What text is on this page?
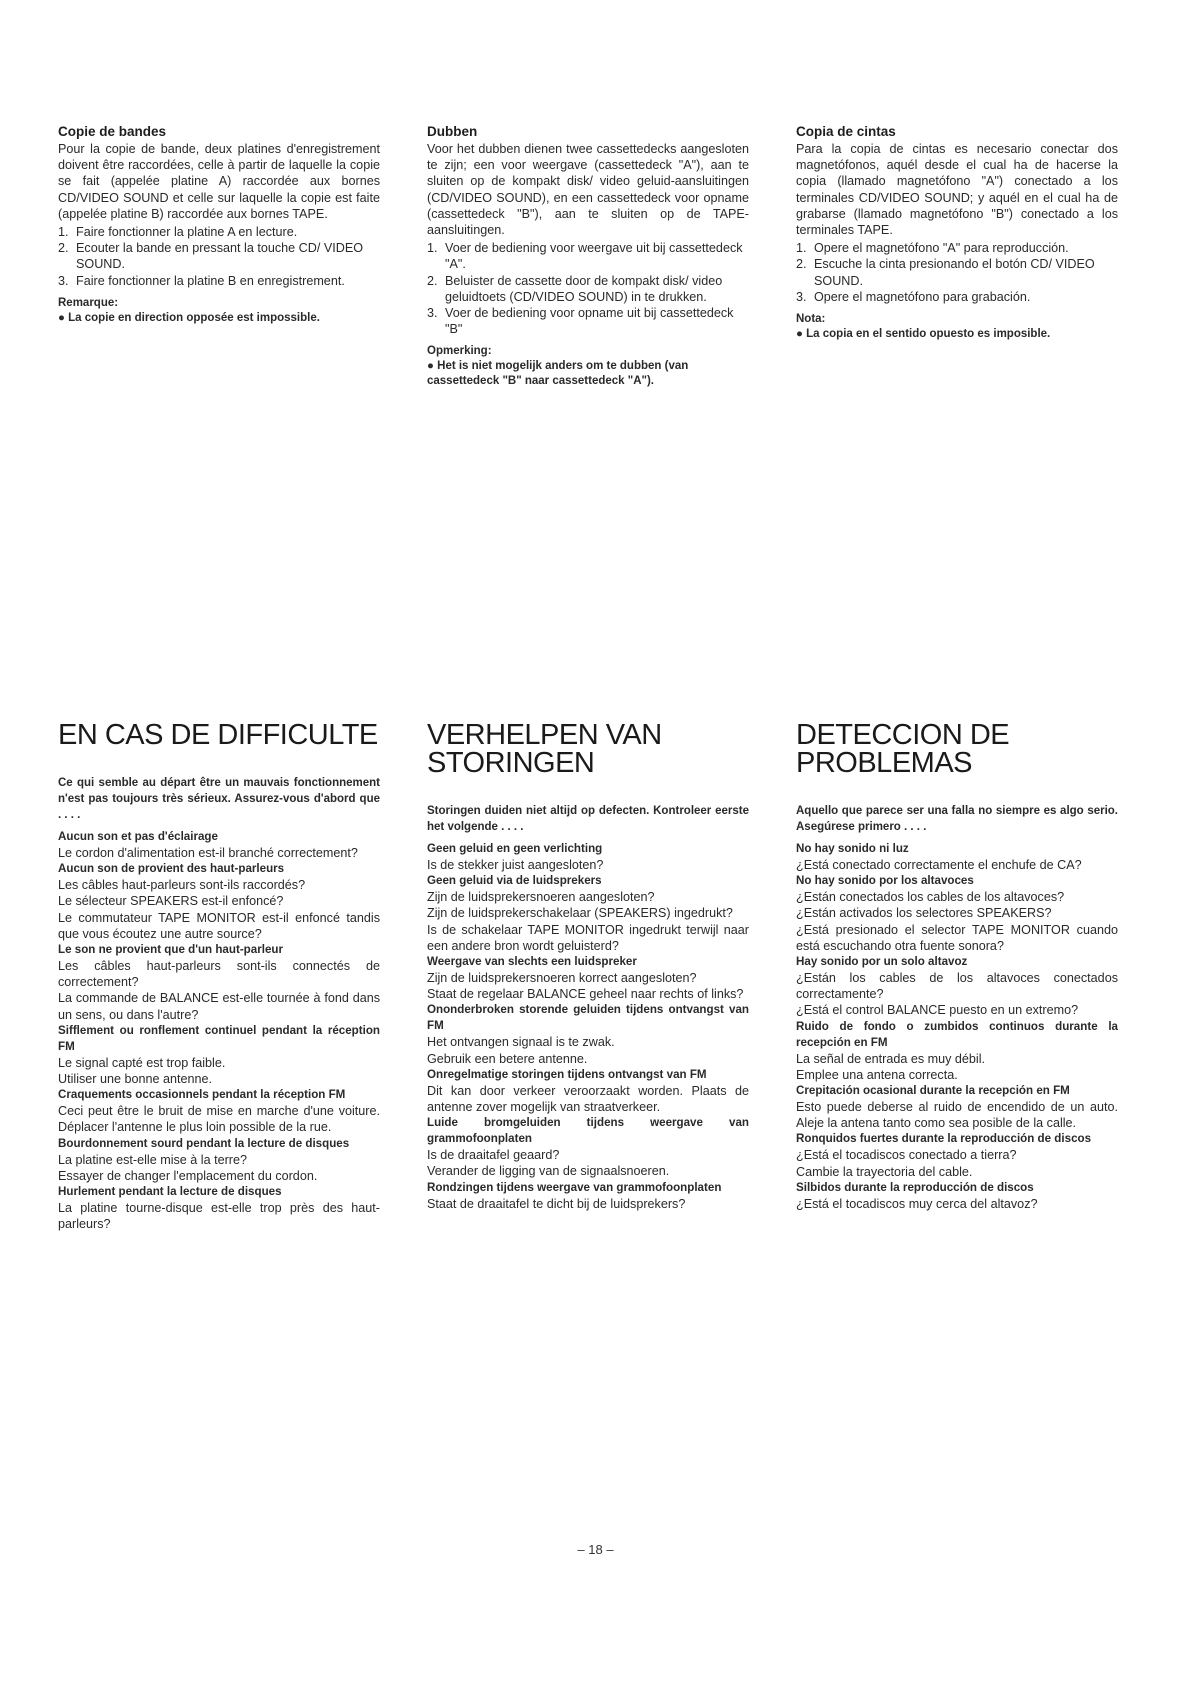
Copie de bandes

Pour la copie de bande, deux platines d'enregistrement doivent être raccordées, celle à partir de laquelle la copie se fait (appelée platine A) raccordée aux bornes CD/VIDEO SOUND et celle sur laquelle la copie est faite (appelée platine B) raccordée aux bornes TAPE.

1. Faire fonctionner la platine A en lecture.
2. Ecouter la bande en pressant la touche CD/ VIDEO SOUND.
3. Faire fonctionner la platine B en enregistrement.

Remarque:

● La copie en direction opposée est impossible.

Dubben

Voor het dubben dienen twee cassettedecks aangesloten te zijn; een voor weergave (cassettedeck "A"), aan te sluiten op de kompakt disk/ video geluid-aansluitingen (CD/VIDEO SOUND), en een cassettedeck voor opname (cassettedeck "B"), aan te sluiten op de TAPE-aansluitingen.

1. Voer de bediening voor weergave uit bij cassettedeck "A".
2. Beluister de cassette door de kompakt disk/ video geluidtoets (CD/VIDEO SOUND) in te drukken.
3. Voer de bediening voor opname uit bij cassettedeck "B"

Opmerking:

● Het is niet mogelijk anders om te dubben (van cassettedeck "B" naar cassettedeck "A").

Copia de cintas

Para la copia de cintas es necesario conectar dos magnetófonos, aquél desde el cual ha de hacerse la copia (llamado magnetófono "A") conectado a los terminales CD/VIDEO SOUND; y aquél en el cual ha de grabarse (llamado magnetófono "B") conectado a los terminales TAPE.

1. Opere el magnetófono "A" para reproducción.
2. Escuche la cinta presionando el botón CD/ VIDEO SOUND.
3. Opere el magnetófono para grabación.

Nota:

● La copia en el sentido opuesto es imposible.

EN CAS DE DIFFICULTE

Ce qui semble au départ être un mauvais fonctionnement n'est pas toujours très sérieux. Assurez-vous d'abord que . . . .

Aucun son et pas d'éclairage

Le cordon d'alimentation est-il branché correctement?

Aucun son de provient des haut-parleurs

Les câbles haut-parleurs sont-ils raccordés?

Le sélecteur SPEAKERS est-il enfoncé?

Le commutateur TAPE MONITOR est-il enfoncé tandis que vous écoutez une autre source?

Le son ne provient que d'un haut-parleur

Les câbles haut-parleurs sont-ils connectés de correctement?

La commande de BALANCE est-elle tournée à fond dans un sens, ou dans l'autre?

Sifflement ou ronflement continuel pendant la réception FM

Le signal capté est trop faible.

Utiliser une bonne antenne.

Craquements occasionnels pendant la réception FM

Ceci peut être le bruit de mise en marche d'une voiture. Déplacer l'antenne le plus loin possible de la rue.

Bourdonnement sourd pendant la lecture de disques

La platine est-elle mise à la terre?

Essayer de changer l'emplacement du cordon.

Hurlement pendant la lecture de disques

La platine tourne-disque est-elle trop près des haut-parleurs?

VERHELPEN VAN STORINGEN

Storingen duiden niet altijd op defecten. Kontroleer eerste het volgende . . . .

Geen geluid en geen verlichting

Is de stekker juist aangesloten?

Geen geluid via de luidsprekers

Zijn de luidsprekersnoeren aangesloten?

Zijn de luidsprekerschakelaar (SPEAKERS) ingedrukt?

Is de schakelaar TAPE MONITOR ingedrukt terwijl naar een andere bron wordt geluisterd?

Weergave van slechts een luidspreker

Zijn de luidsprekersnoeren korrect aangesloten?

Staat de regelaar BALANCE geheel naar rechts of links?

Ononderbroken storende geluiden tijdens ontvangst van FM

Het ontvangen signaal is te zwak.

Gebruik een betere antenne.

Onregelmatige storingen tijdens ontvangst van FM

Dit kan door verkeer veroorzaakt worden. Plaats de antenne zover mogelijk van straatverkeer.

Luide bromgeluiden tijdens weergave van grammofoonplaten

Is de draaitafel geaard?

Verander de ligging van de signaalsnoeren.

Rondzingen tijdens weergave van grammofoonplaten

Staat de draaitafel te dicht bij de luidsprekers?

DETECCION DE PROBLEMAS

Aquello que parece ser una falla no siempre es algo serio. Asegúrese primero . . . .

No hay sonido ni luz

¿Está conectado correctamente el enchufe de CA?

No hay sonido por los altavoces

¿Están conectados los cables de los altavoces?

¿Están activados los selectores SPEAKERS?

¿Está presionado el selector TAPE MONITOR cuando está escuchando otra fuente sonora?

Hay sonido por un solo altavoz

¿Están los cables de los altavoces conectados correctamente?

¿Está el control BALANCE puesto en un extremo?

Ruido de fondo o zumbidos continuos durante la recepción en FM

La señal de entrada es muy débil.

Emplee una antena correcta.

Crepitación ocasional durante la recepción en FM

Esto puede deberse al ruido de encendido de un auto. Aleje la antena tanto como sea posible de la calle.

Ronquidos fuertes durante la reproducción de discos

¿Está el tocadiscos conectado a tierra?

Cambie la trayectoria del cable.

Silbidos durante la reproducción de discos

¿Está el tocadiscos muy cerca del altavoz?

– 18 –
